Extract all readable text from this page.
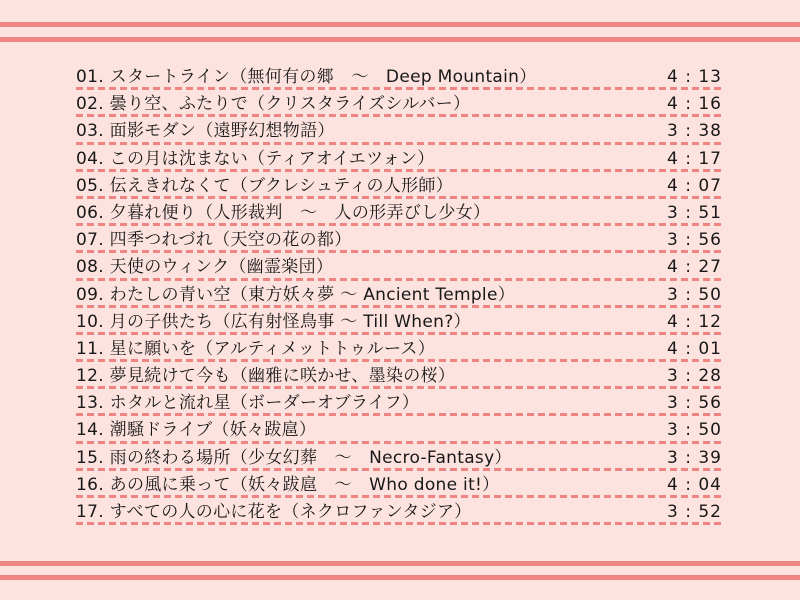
01. スタートライン（無何有の郷　～　Deep Mountain）	4 : 13
02. 曇り空、ふたりで（クリスタライズシルバー）	4 : 16
03. 面影モダン（遠野幻想物語）	3 : 38
04. この月は沈まない（ティアオイエツォン）	4 : 17
05. 伝えきれなくて（ブクレシュティの人形師）	4 : 07
06. 夕暮れ便り（人形裁判　～　人の形弄びし少女）	3 : 51
07. 四季つれづれ（天空の花の都）	3 : 56
08. 天使のウィンク（幽霊楽団）	4 : 27
09. わたしの青い空（東方妖々夢 ～ Ancient Temple）	3 : 50
10. 月の子供たち（広有射怪鳥事 ～ Till When?）	4 : 12
11. 星に願いを（アルティメットトゥルース）	4 : 01
12. 夢見続けて今も（幽雅に咲かせ、墨染の桜）	3 : 28
13. ホタルと流れ星（ボーダーオブライフ）	3 : 56
14. 潮騒ドライブ（妖々跋扈）	3 : 50
15. 雨の終わる場所（少女幻葬　～　Necro-Fantasy）	3 : 39
16. あの風に乗って（妖々跋扈　～　Who done it!）	4 : 04
17. すべての人の心に花を（ネクロファンタジア）	3 : 52
